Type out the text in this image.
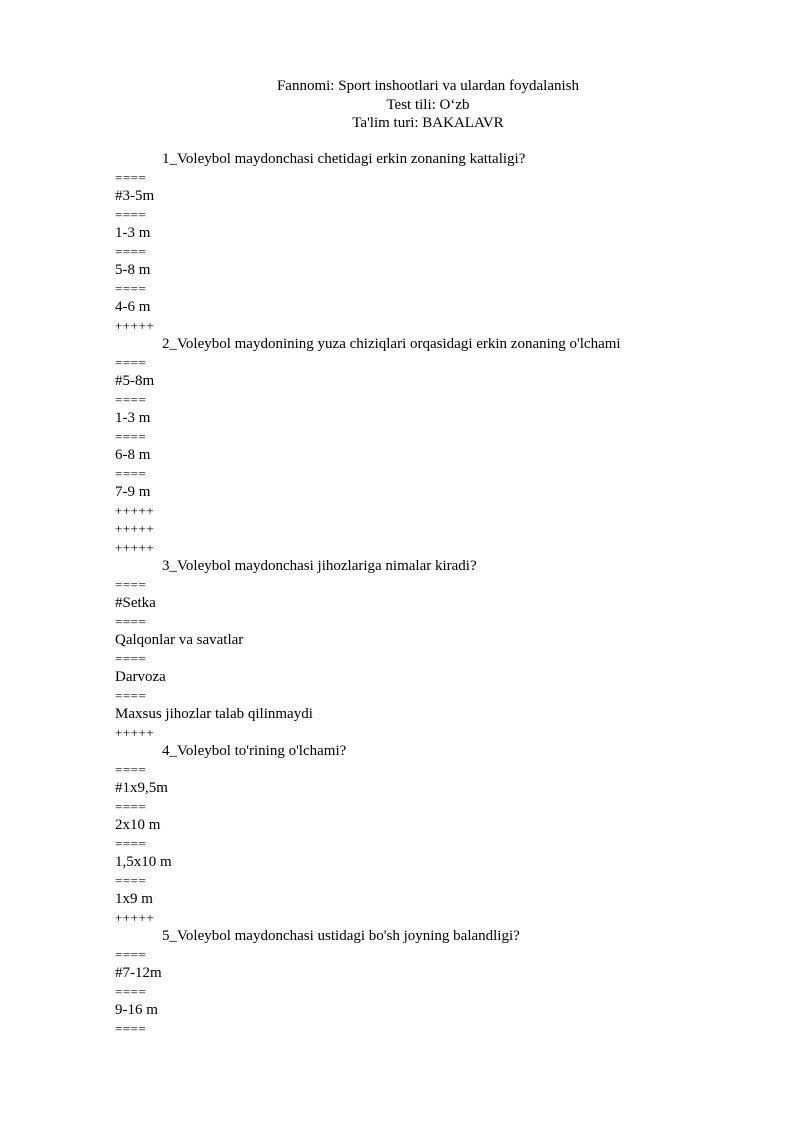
Fannomi: Sport inshootlari va ulardan foydalanish
Test tili: O‘zb
Ta'lim turi: BAKALAVR
1_Voleybol maydonchasi chetidagi erkin zonaning kattaligi?
====
#3-5m
====
1-3 m
====
5-8 m
====
4-6 m
+++++
2_Voleybol maydonining yuza chiziqlari orqasidagi erkin zonaning o'lchami
====
#5-8m
====
1-3 m
====
6-8 m
====
7-9 m
+++++
+++++
+++++
3_Voleybol maydonchasi jihozlariga nimalar kiradi?
====
#Setka
====
Qalqonlar va savatlar
====
Darvoza
====
Maxsus jihozlar talab qilinmaydi
+++++
4_Voleybol to'rining o'lchami?
====
#1x9,5m
====
2x10 m
====
1,5x10 m
====
1x9 m
+++++
5_Voleybol maydonchasi ustidagi bo'sh joyning balandligi?
====
#7-12m
====
9-16 m
====
